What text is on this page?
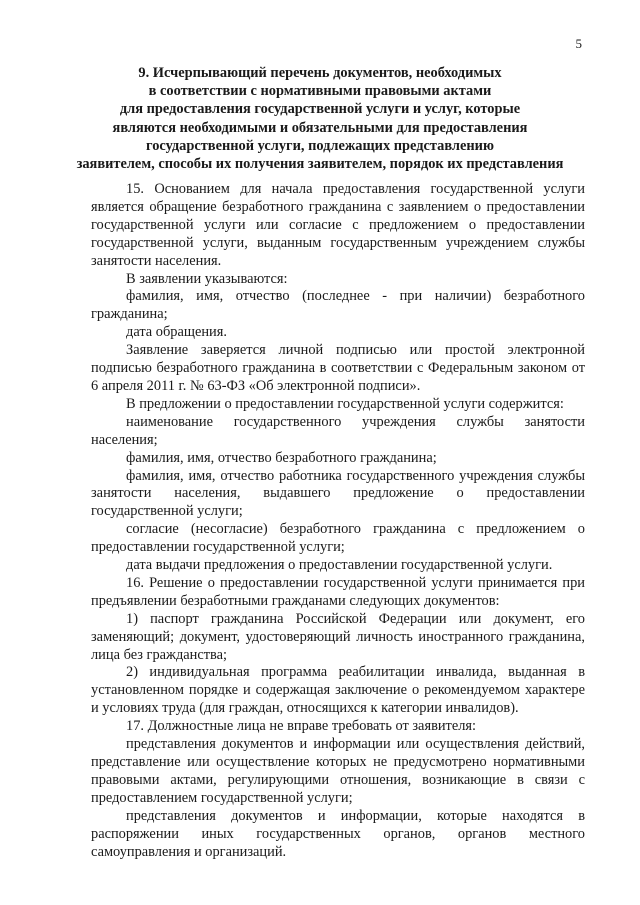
5
9. Исчерпывающий перечень документов, необходимых
в соответствии с нормативными правовыми актами
для предоставления государственной услуги и услуг, которые
являются необходимыми и обязательными для предоставления
государственной услуги, подлежащих представлению
заявителем, способы их получения заявителем, порядок их представления

15. Основанием для начала предоставления государственной услуги является обращение безработного гражданина с заявлением о предоставлении государственной услуги или согласие с предложением о предоставлении государственной услуги, выданным государственным учреждением службы занятости населения.

В заявлении указываются:

фамилия, имя, отчество (последнее - при наличии) безработного гражданина;

дата обращения.

Заявление заверяется личной подписью или простой электронной подписью безработного гражданина в соответствии с Федеральным законом от 6 апреля 2011 г. № 63-ФЗ «Об электронной подписи».

В предложении о предоставлении государственной услуги содержится:

наименование государственного учреждения службы занятости населения;

фамилия, имя, отчество безработного гражданина;

фамилия, имя, отчество работника государственного учреждения службы занятости населения, выдавшего предложение о предоставлении государственной услуги;

согласие (несогласие) безработного гражданина с предложением о предоставлении государственной услуги;

дата выдачи предложения о предоставлении государственной услуги.

16. Решение о предоставлении государственной услуги принимается при предъявлении безработными гражданами следующих документов:

1) паспорт гражданина Российской Федерации или документ, его заменяющий; документ, удостоверяющий личность иностранного гражданина, лица без гражданства;

2) индивидуальная программа реабилитации инвалида, выданная в установленном порядке и содержащая заключение о рекомендуемом характере и условиях труда (для граждан, относящихся к категории инвалидов).

17. Должностные лица не вправе требовать от заявителя:

представления документов и информации или осуществления действий, представление или осуществление которых не предусмотрено нормативными правовыми актами, регулирующими отношения, возникающие в связи с предоставлением государственной услуги;

представления документов и информации, которые находятся в распоряжении иных государственных органов, органов местного самоуправления и организаций.
